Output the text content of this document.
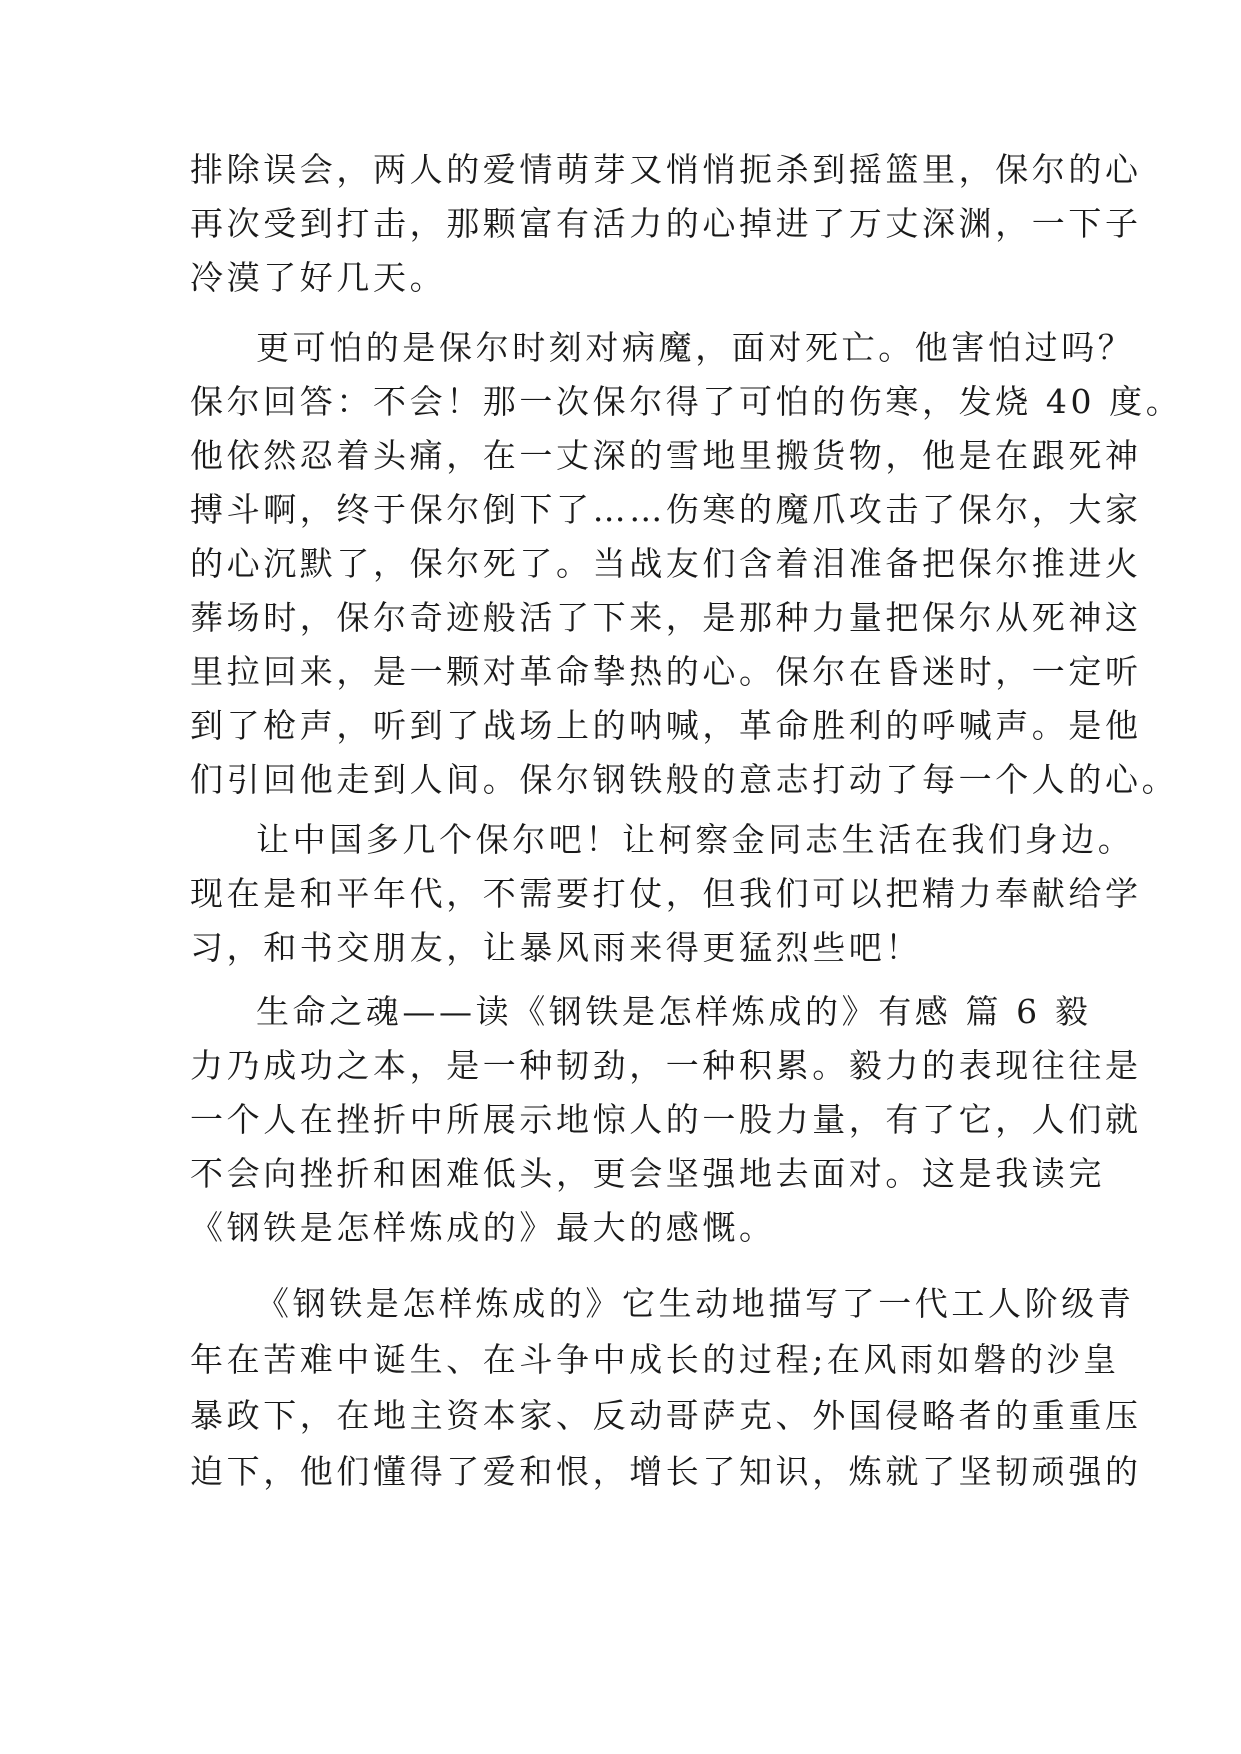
排除误会，两人的爱情萌芽又悄悄扼杀到摇篮里，保尔的心
再次受到打击，那颗富有活力的心掉进了万丈深渊，一下子
冷漠了好几天。
更可怕的是保尔时刻对病魔，面对死亡。他害怕过吗？
保尔回答：不会！那一次保尔得了可怕的伤寒，发烧 40 度。
他依然忍着头痛，在一丈深的雪地里搬货物，他是在跟死神
搏斗啊，终于保尔倒下了……伤寒的魔爪攻击了保尔，大家
的心沉默了，保尔死了。当战友们含着泪准备把保尔推进火
葬场时，保尔奇迹般活了下来，是那种力量把保尔从死神这
里拉回来，是一颗对革命挚热的心。保尔在昏迷时，一定听
到了枪声，听到了战场上的呐喊，革命胜利的呼喊声。是他
们引回他走到人间。保尔钢铁般的意志打动了每一个人的心。
让中国多几个保尔吧！让柯察金同志生活在我们身边。
现在是和平年代，不需要打仗，但我们可以把精力奉献给学
习，和书交朋友，让暴风雨来得更猛烈些吧！
生命之魂——读《钢铁是怎样炼成的》有感 篇 6 毅
力乃成功之本，是一种韧劲，一种积累。毅力的表现往往是
一个人在挫折中所展示地惊人的一股力量，有了它，人们就
不会向挫折和困难低头，更会坚强地去面对。这是我读完
《钢铁是怎样炼成的》最大的感慨。
《钢铁是怎样炼成的》它生动地描写了一代工人阶级青
年在苦难中诞生、在斗争中成长的过程;在风雨如磐的沙皇
暴政下，在地主资本家、反动哥萨克、外国侵略者的重重压
迫下，他们懂得了爱和恨，增长了知识，炼就了坚韧顽强的
